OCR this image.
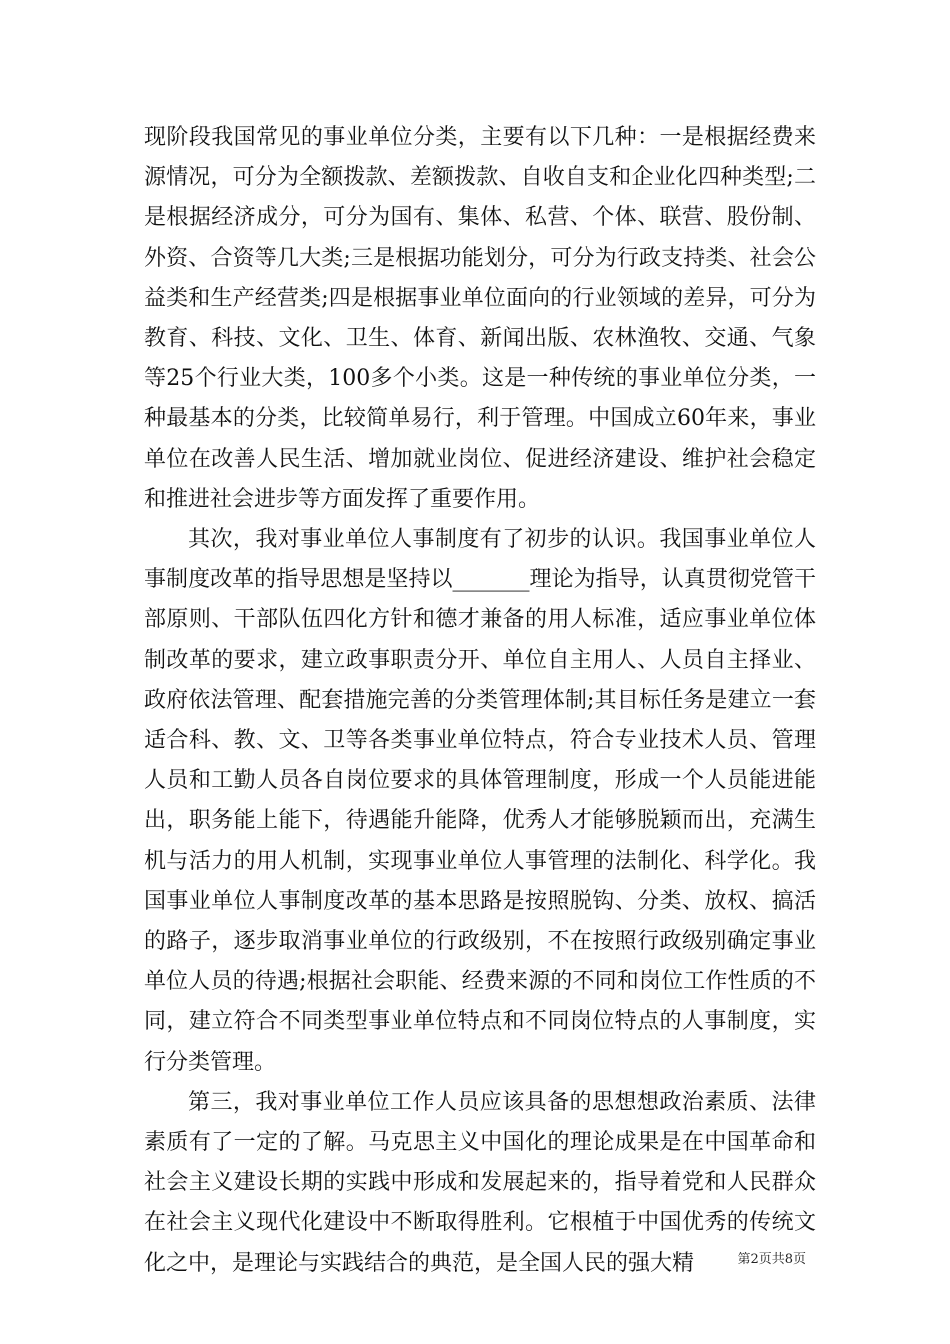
现阶段我国常见的事业单位分类，主要有以下几种：一是根据经费来源情况，可分为全额拨款、差额拨款、自收自支和企业化四种类型;二是根据经济成分，可分为国有、集体、私营、个体、联营、股份制、外资、合资等几大类;三是根据功能划分，可分为行政支持类、社会公益类和生产经营类;四是根据事业单位面向的行业领域的差异，可分为教育、科技、文化、卫生、体育、新闻出版、农林渔牧、交通、气象等25个行业大类，100多个小类。这是一种传统的事业单位分类，一种最基本的分类，比较简单易行，利于管理。中国成立60年来，事业单位在改善人民生活、增加就业岗位、促进经济建设、维护社会稳定和推进社会进步等方面发挥了重要作用。

其次，我对事业单位人事制度有了初步的认识。我国事业单位人事制度改革的指导思想是坚持以_______理论为指导，认真贯彻党管干部原则、干部队伍四化方针和德才兼备的用人标准，适应事业单位体制改革的要求，建立政事职责分开、单位自主用人、人员自主择业、政府依法管理、配套措施完善的分类管理体制;其目标任务是建立一套适合科、教、文、卫等各类事业单位特点，符合专业技术人员、管理人员和工勤人员各自岗位要求的具体管理制度，形成一个人员能进能出，职务能上能下，待遇能升能降，优秀人才能够脱颖而出，充满生机与活力的用人机制，实现事业单位人事管理的法制化、科学化。我国事业单位人事制度改革的基本思路是按照脱钩、分类、放权、搞活的路子，逐步取消事业单位的行政级别，不在按照行政级别确定事业单位人员的待遇;根据社会职能、经费来源的不同和岗位工作性质的不同，建立符合不同类型事业单位特点和不同岗位特点的人事制度，实行分类管理。

第三，我对事业单位工作人员应该具备的思想想政治素质、法律素质有了一定的了解。马克思主义中国化的理论成果是在中国革命和社会主义建设长期的实践中形成和发展起来的，指导着党和人民群众在社会主义现代化建设中不断取得胜利。它根植于中国优秀的传统文化之中，是理论与实践结合的典范，是全国人民的强大精	第2页共8页
